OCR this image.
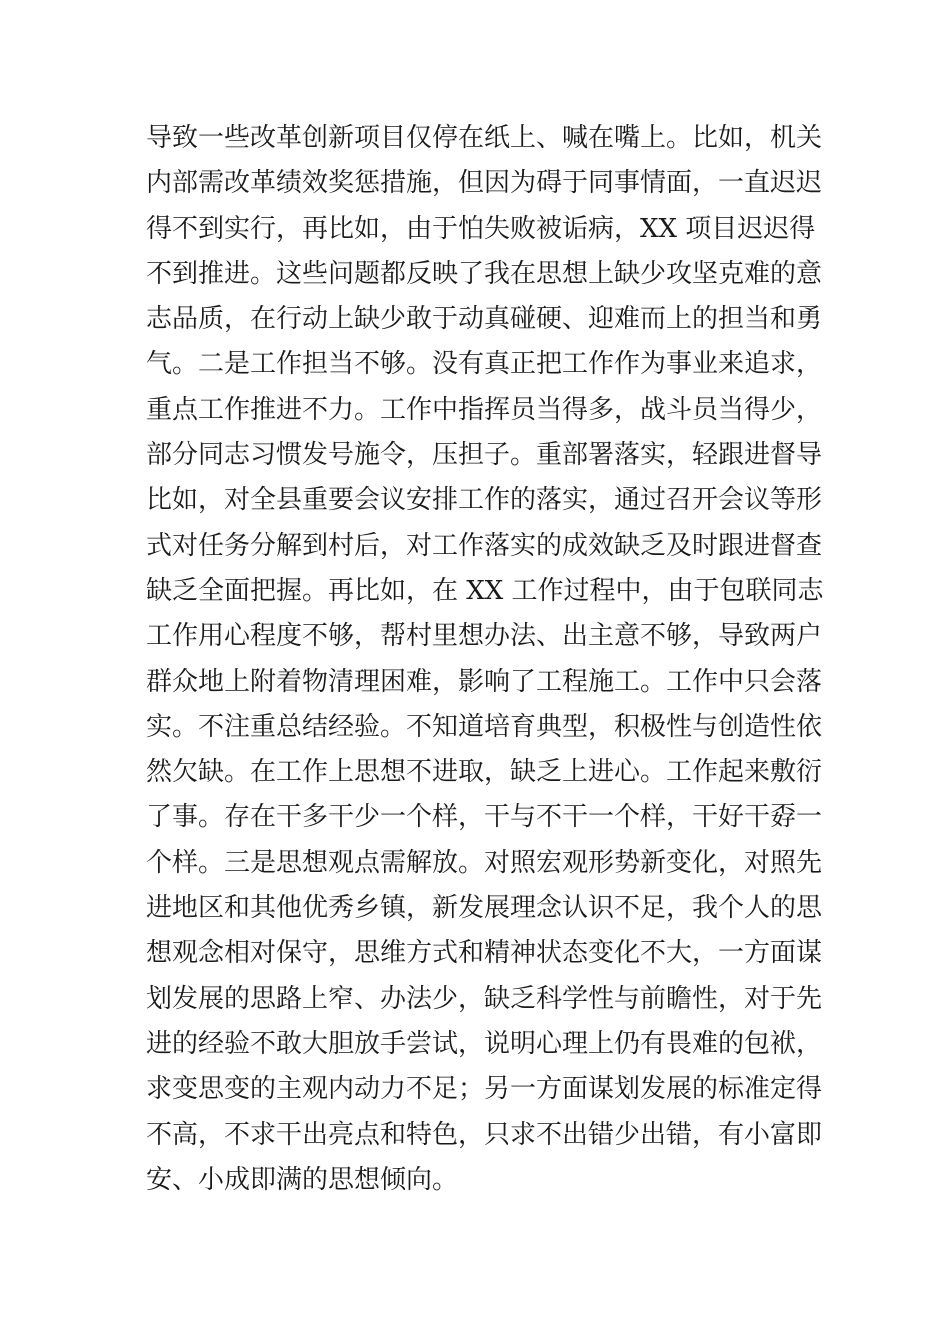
导致一些改革创新项目仅停在纸上、喊在嘴上。比如，机关
内部需改革绩效奖惩措施，但因为碍于同事情面，一直迟迟
得不到实行，再比如，由于怕失败被诟病，XX 项目迟迟得
不到推进。这些问题都反映了我在思想上缺少攻坚克难的意
志品质，在行动上缺少敢于动真碰硬、迎难而上的担当和勇
气。二是工作担当不够。没有真正把工作作为事业来追求，
重点工作推进不力。工作中指挥员当得多，战斗员当得少，
部分同志习惯发号施令，压担子。重部署落实，轻跟进督导
比如，对全县重要会议安排工作的落实，通过召开会议等形
式对任务分解到村后，对工作落实的成效缺乏及时跟进督查
缺乏全面把握。再比如，在 XX 工作过程中，由于包联同志
工作用心程度不够，帮村里想办法、出主意不够，导致两户
群众地上附着物清理困难，影响了工程施工。工作中只会落
实。不注重总结经验。不知道培育典型，积极性与创造性依
然欠缺。在工作上思想不进取，缺乏上进心。工作起来敷衍
了事。存在干多干少一个样，干与不干一个样，干好干孬一
个样。三是思想观点需解放。对照宏观形势新变化，对照先
进地区和其他优秀乡镇，新发展理念认识不足，我个人的思
想观念相对保守，思维方式和精神状态变化不大，一方面谋
划发展的思路上窄、办法少，缺乏科学性与前瞻性，对于先
进的经验不敢大胆放手尝试，说明心理上仍有畏难的包袱，
求变思变的主观内动力不足；另一方面谋划发展的标准定得
不高，不求干出亮点和特色，只求不出错少出错，有小富即
安、小成即满的思想倾向。
